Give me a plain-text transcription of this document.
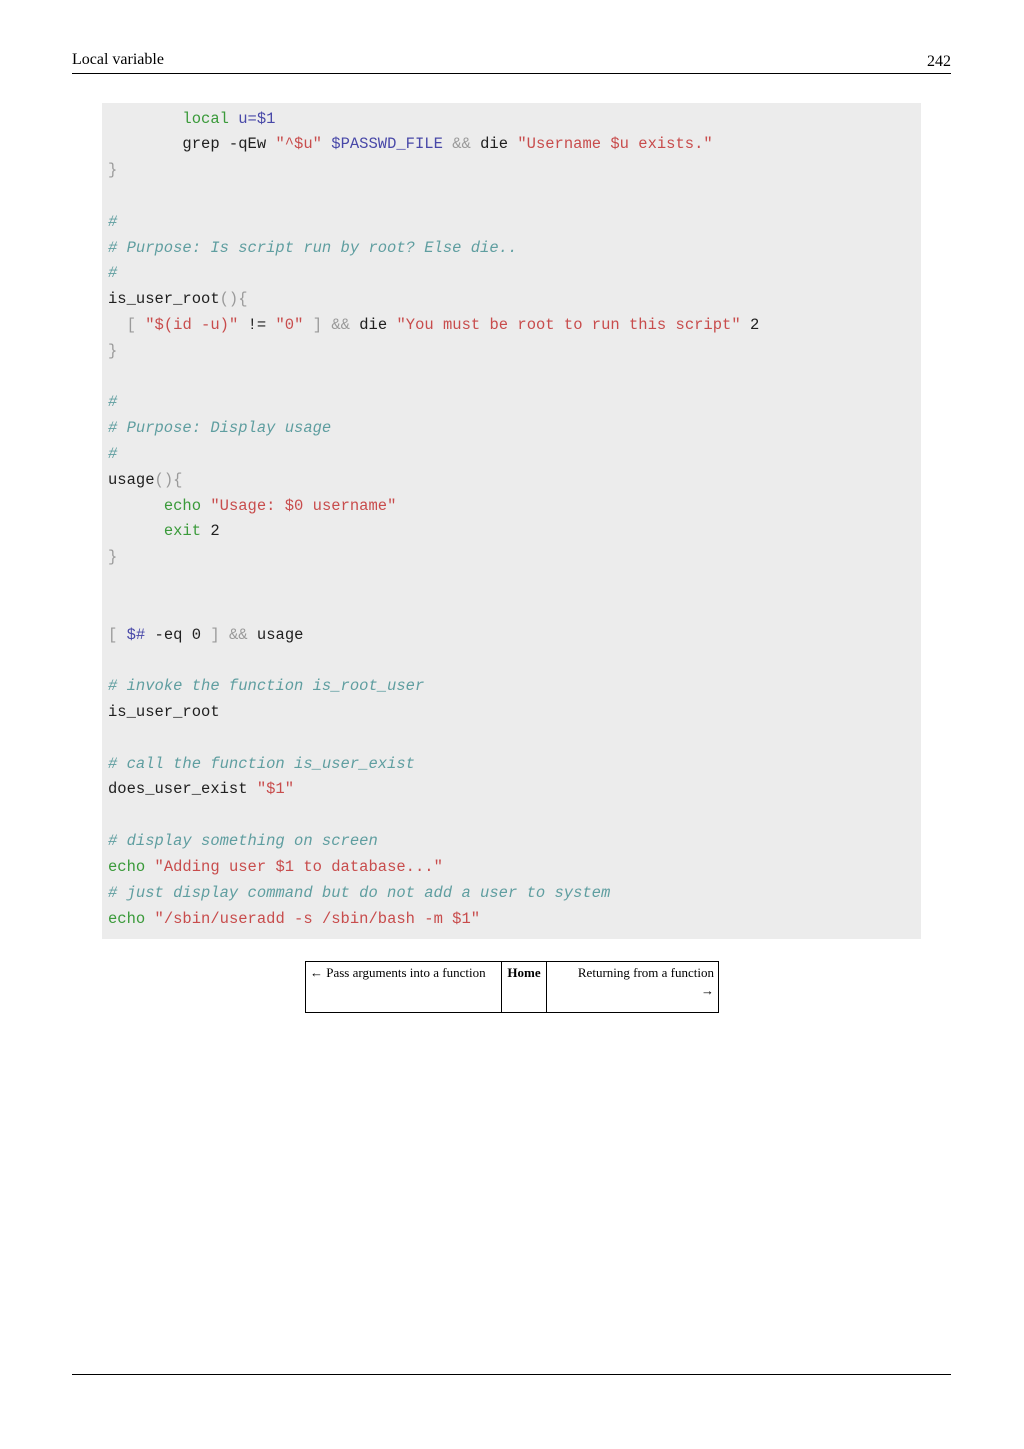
Local variable	242
local u=$1
grep -qEw "^$u" $PASSWD_FILE && die "Username $u exists."
}
#
# Purpose: Is script run by root? Else die..
#
is_user_root(){
[ "$(id -u)" != "0" ] && die "You must be root to run this script" 2
}
#
# Purpose: Display usage
#
usage(){
echo "Usage: $0 username"
exit 2
}
[ $# -eq 0 ] && usage
# invoke the function is_root_user
is_user_root
# call the function is_user_exist
does_user_exist "$1"
# display something on screen
echo "Adding user $1 to database..."
# just display command but do not add a user to system
echo "/sbin/useradd -s /sbin/bash -m $1"
← Pass arguments into a function	Home	Returning from a function
→
